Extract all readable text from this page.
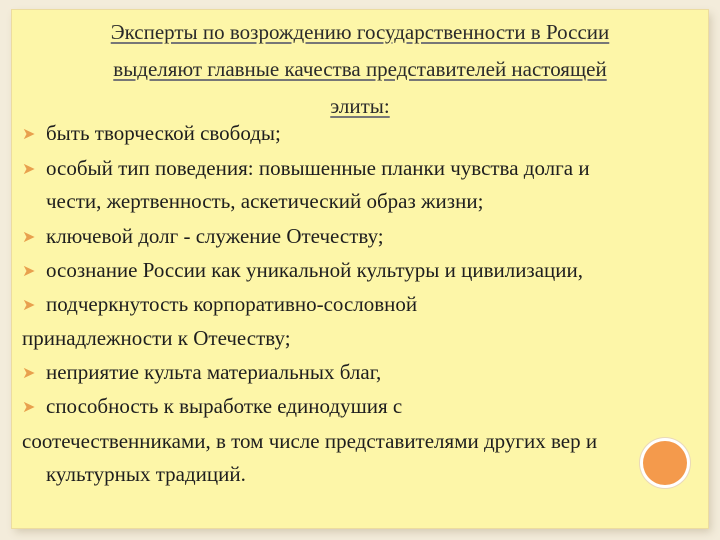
Эксперты по возрождению государственности в России
выделяют главные качества представителей настоящей
элиты:
➤ быть творческой свободы;
➤ особый тип поведения: повышенные планки чувства долга и
чести, жертвенность, аскетический образ жизни;
➤ ключевой долг - служение Отечеству;
➤ осознание России как уникальной культуры и цивилизации,
➤ подчеркнутость корпоративно-сословной
принадлежности к Отечеству;
➤ неприятие культа материальных благ,
➤ способность к выработке единодушия с
соотечественниками, в том числе представителями других вер и
культурных традиций.
